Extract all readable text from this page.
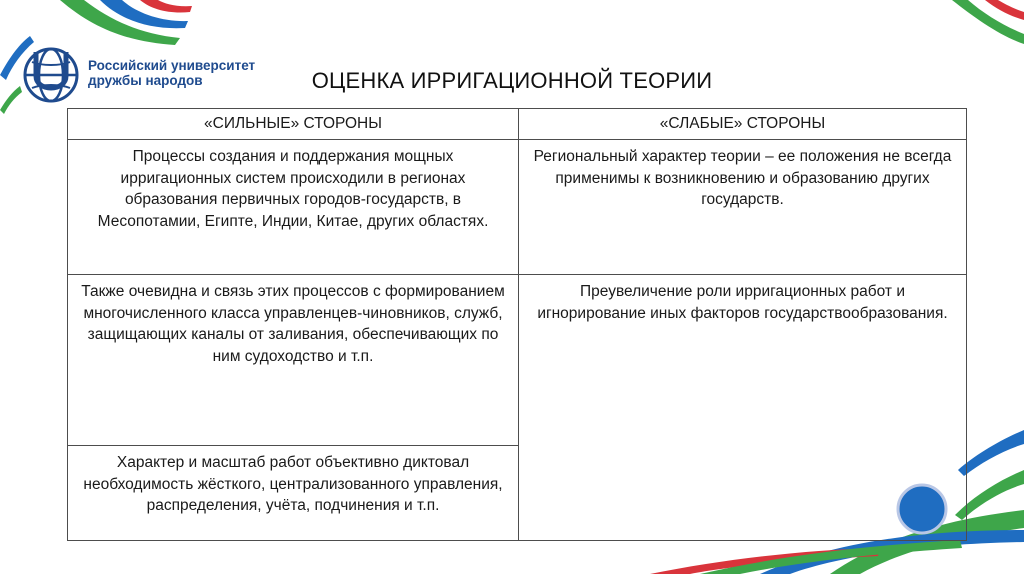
Российский университет
дружбы народов	ОЦЕНКА ИРРИГАЦИОННОЙ ТЕОРИИ
«СИЛЬНЫЕ» СТОРОНЫ	«СЛАБЫЕ» СТОРОНЫ
Процессы создания и поддержания мощных ирригационных систем происходили в регионах образования первичных городов-государств, в Месопотамии, Египте, Индии, Китае, других областях.	Региональный характер теории – ее положения не всегда применимы к возникновению и образованию других государств.
Также очевидна и связь этих процессов с формированием многочисленного класса управленцев-чиновников, служб, защищающих каналы от заливания, обеспечивающих по ним судоходство и т.п.	Преувеличение роли ирригационных работ и игнорирование иных факторов государствообразования.
Характер и масштаб работ объективно диктовал необходимость жёсткого, централизованного управления, распределения, учёта, подчинения и т.п.	
